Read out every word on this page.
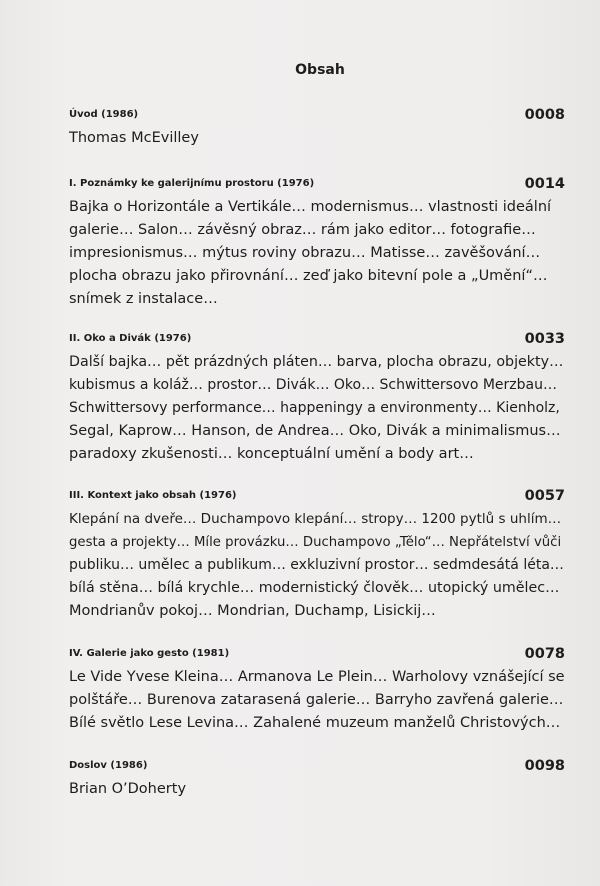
Obsah
Úvod (1986)	0008
Thomas McEvilley
I. Poznámky ke galerijnímu prostoru (1976)	0014
Bajka o Horizontále a Vertikále… modernismus… vlastnosti ideální
galerie… Salon… závěsný obraz… rám jako editor… fotografie…
impresionismus… mýtus roviny obrazu… Matisse… zavěšování…
plocha obrazu jako přirovnání… zeď jako bitevní pole a „Umění“…
snímek z instalace…
II. Oko a Divák (1976)	0033
Další bajka… pět prázdných pláten… barva, plocha obrazu, objekty…
kubismus a koláž… prostor… Divák… Oko… Schwittersovo Merzbau…
Schwittersovy performance… happeningy a environmenty… Kienholz,
Segal, Kaprow… Hanson, de Andrea… Oko, Divák a minimalismus…
paradoxy zkušenosti… konceptuální umění a body art…
III. Kontext jako obsah (1976)	0057
Klepání na dveře… Duchampovo klepání… stropy… 1200 pytlů s uhlím…
gesta a projekty… Míle provázku… Duchampovo „Tělo“… Nepřátelství vůči
publiku… umělec a publikum… exkluzivní prostor… sedmdesátá léta…
bílá stěna… bílá krychle… modernistický člověk… utopický umělec…
Mondrianův pokoj… Mondrian, Duchamp, Lisickij…
IV. Galerie jako gesto (1981)	0078
Le Vide Yvese Kleina… Armanova Le Plein… Warholovy vznášející se
polštáře… Burenova zatarasená galerie… Barryho zavřená galerie…
Bílé světlo Lese Levina… Zahalené muzeum manželů Christových…
Doslov (1986)	0098
Brian O’Doherty
